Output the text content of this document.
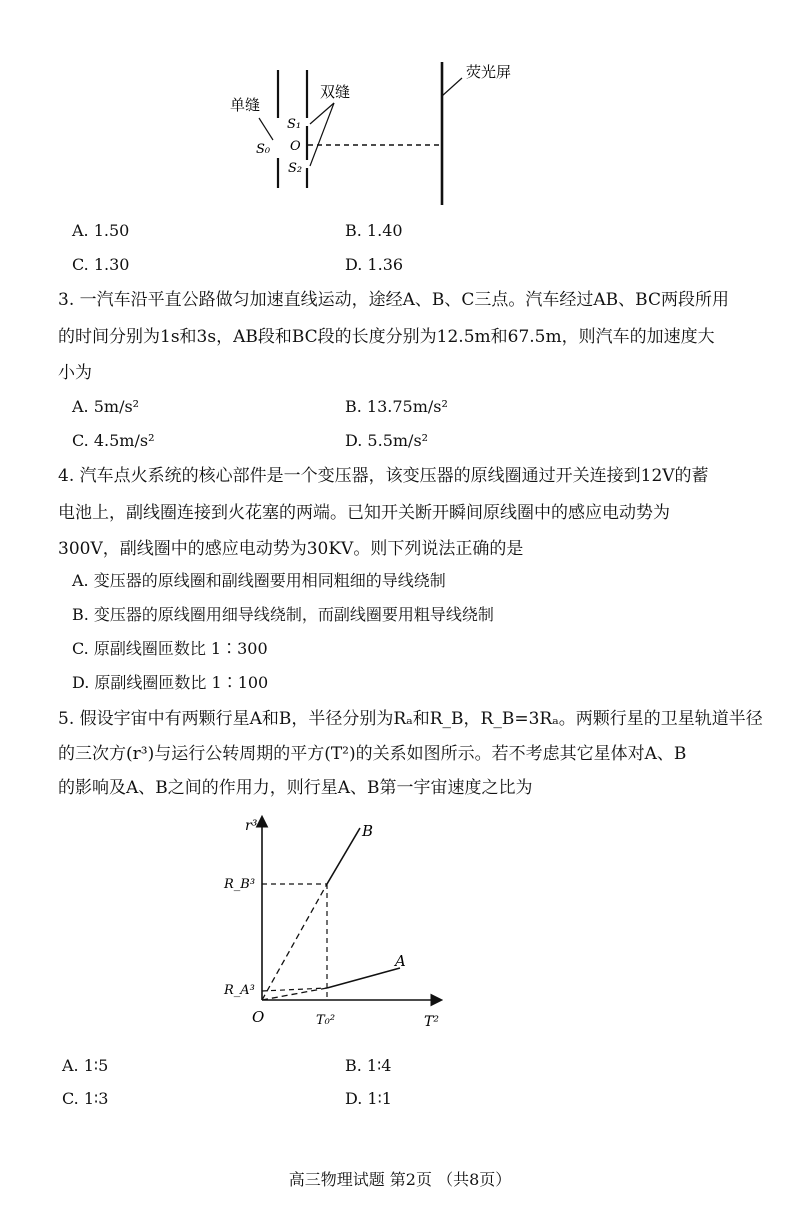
单缝
双缝
荧光屏
S₀
S₁
O
S₂
A. 1.50	B. 1.40
C. 1.30	D. 1.36
3. 一汽车沿平直公路做匀加速直线运动，途经A、B、C三点。汽车经过AB、BC两段所用
的时间分别为1s和3s，AB段和BC段的长度分别为12.5m和67.5m，则汽车的加速度大
小为
A. 5m/s²	B. 13.75m/s²
C. 4.5m/s²	D. 5.5m/s²
4. 汽车点火系统的核心部件是一个变压器，该变压器的原线圈通过开关连接到12V的蓄
电池上，副线圈连接到火花塞的两端。已知开关断开瞬间原线圈中的感应电动势为
300V，副线圈中的感应电动势为30KV。则下列说法正确的是
A. 变压器的原线圈和副线圈要用相同粗细的导线绕制
B. 变压器的原线圈用细导线绕制，而副线圈要用粗导线绕制
C. 原副线圈匝数比 1∶300
D. 原副线圈匝数比 1∶100
5. 假设宇宙中有两颗行星A和B，半径分别为Rₐ和R_B，R_B=3Rₐ。两颗行星的卫星轨道半径
的三次方(r³)与运行公转周期的平方(T²)的关系如图所示。若不考虑其它星体对A、B
的影响及A、B之间的作用力，则行星A、B第一宇宙速度之比为
r³
T²
O
R_B³
R_A³
T₀²
B
A
A. 1∶5	B. 1∶4
C. 1∶3	D. 1∶1
高三物理试题 第2页 （共8页）
